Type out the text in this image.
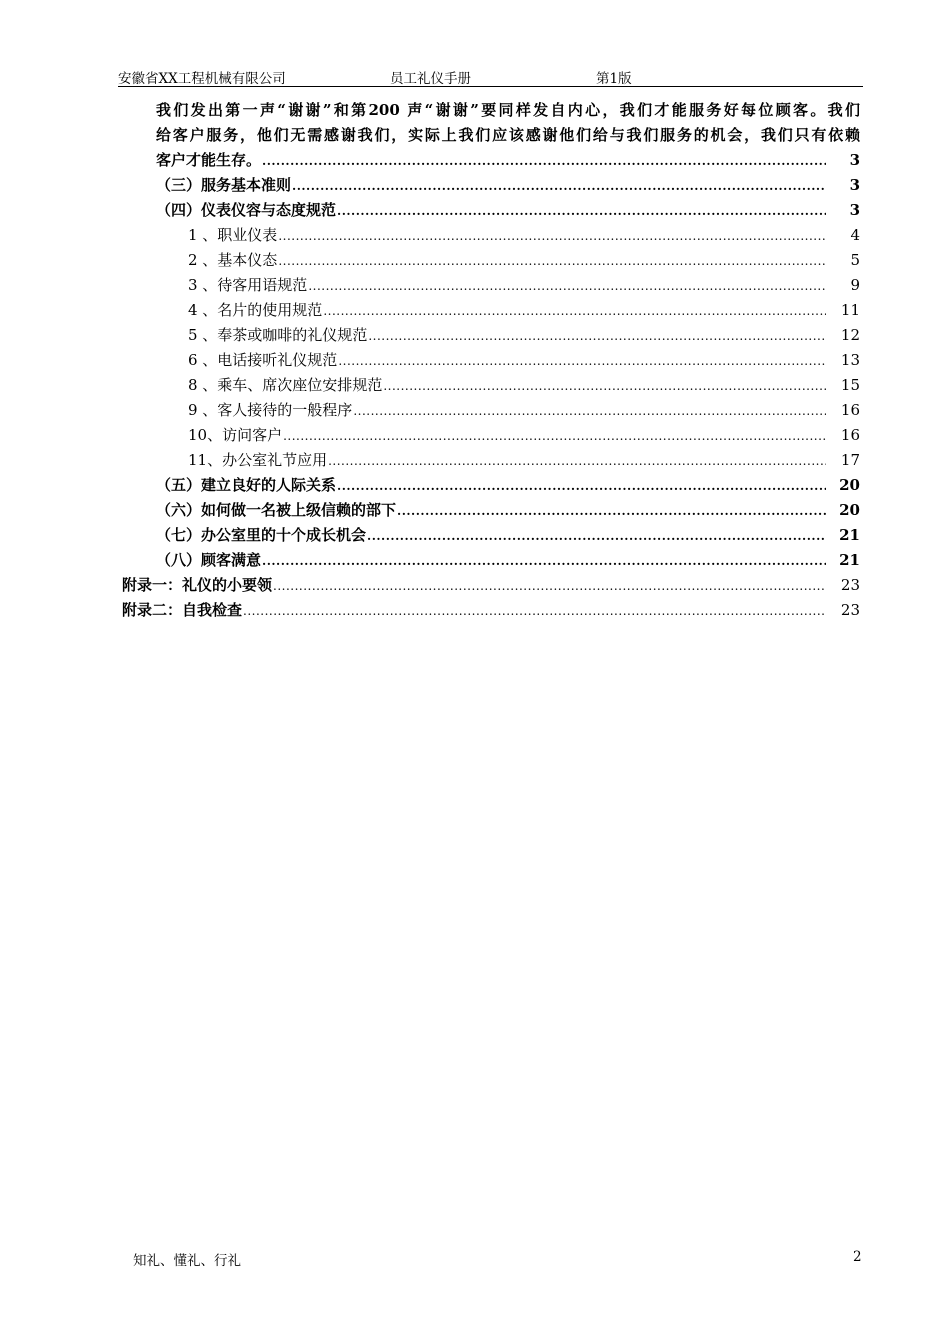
安徽省XX工程机械有限公司	员工礼仪手册	第1版
我们发出第一声“谢谢”和第200 声“谢谢”要同样发自内心，我们才能服务好每位顾客。我们
给客户服务，他们无需感谢我们，实际上我们应该感谢他们给与我们服务的机会，我们只有依赖
客户才能生存。 .....	3
（三）服务基本准则 .....	3
（四）仪表仪容与态度规范 .....	3
1 、职业仪表 .....	4
2 、基本仪态 .....	5
3 、待客用语规范 .....	9
4 、名片的使用规范 .....	11
5 、奉茶或咖啡的礼仪规范 .....	12
6 、电话接听礼仪规范 .....	13
8 、乘车、席次座位安排规范 .....	15
9 、客人接待的一般程序 .....	16
10、访问客户 .....	16
11、办公室礼节应用 .....	17
（五）建立良好的人际关系 .....	20
（六）如何做一名被上级信赖的部下 .....	20
（七）办公室里的十个成长机会 .....	21
（八）顾客满意 .....	21
附录一：礼仪的小要领 .....	23
附录二：自我检查 .....	23
知礼、懂礼、行礼	2
